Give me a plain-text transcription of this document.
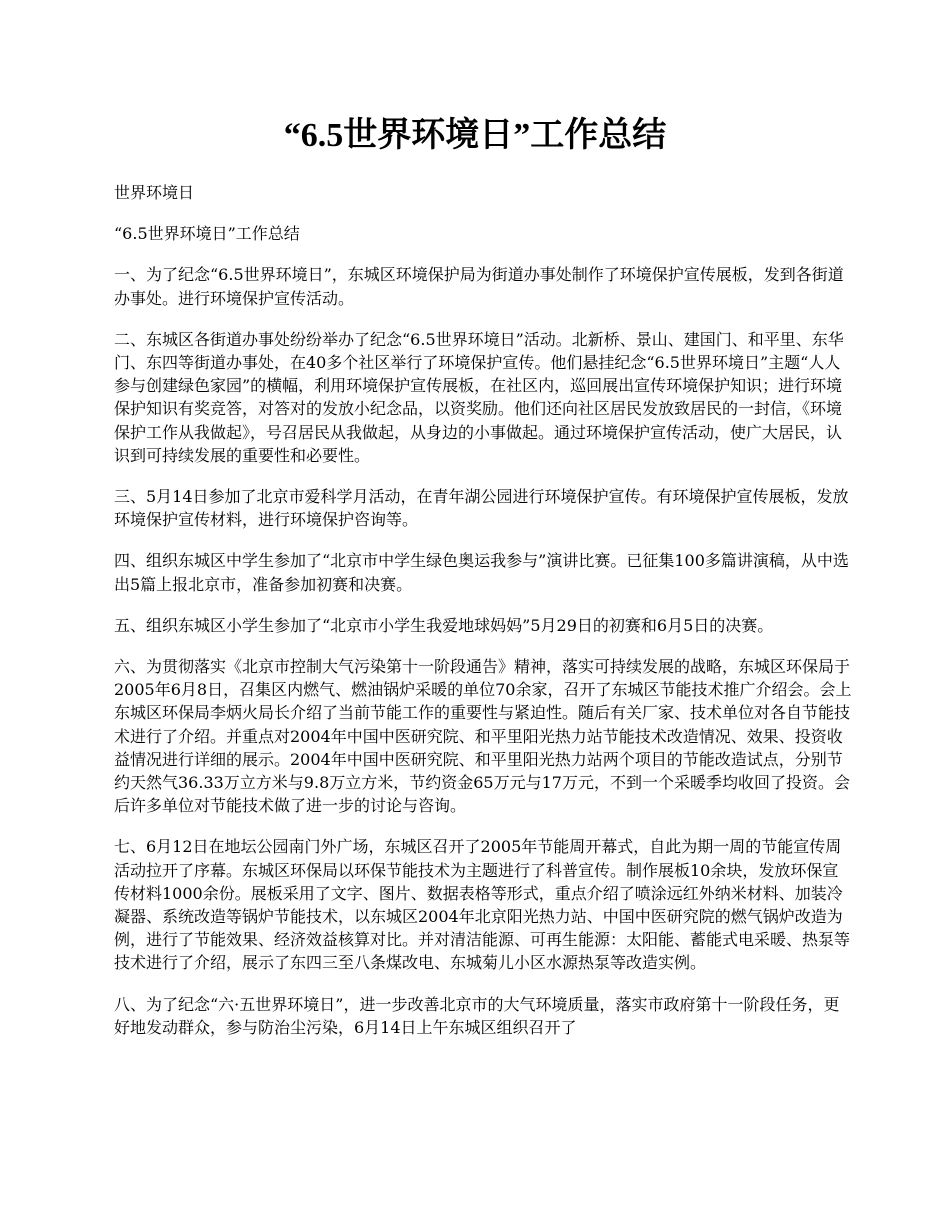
“6.5世界环境日”工作总结

世界环境日

“6.5世界环境日”工作总结

一、为了纪念“6.5世界环境日”，东城区环境保护局为街道办事处制作了环境保护宣传展板，发到各街道办事处。进行环境保护宣传活动。

二、东城区各街道办事处纷纷举办了纪念“6.5世界环境日”活动。北新桥、景山、建国门、和平里、东华门、东四等街道办事处，在40多个社区举行了环境保护宣传。他们悬挂纪念“6.5世界环境日”主题“人人参与创建绿色家园”的横幅，利用环境保护宣传展板，在社区内，巡回展出宣传环境保护知识；进行环境保护知识有奖竞答，对答对的发放小纪念品，以资奖励。他们还向社区居民发放致居民的一封信，《环境保护工作从我做起》，号召居民从我做起，从身边的小事做起。通过环境保护宣传活动，使广大居民，认识到可持续发展的重要性和必要性。

三、5月14日参加了北京市爱科学月活动，在青年湖公园进行环境保护宣传。有环境保护宣传展板，发放环境保护宣传材料，进行环境保护咨询等。

四、组织东城区中学生参加了“北京市中学生绿色奥运我参与”演讲比赛。已征集100多篇讲演稿，从中选出5篇上报北京市，准备参加初赛和决赛。

五、组织东城区小学生参加了“北京市小学生我爱地球妈妈”5月29日的初赛和6月5日的决赛。

六、为贯彻落实《北京市控制大气污染第十一阶段通告》精神，落实可持续发展的战略，东城区环保局于2005年6月8日，召集区内燃气、燃油锅炉采暖的单位70余家，召开了东城区节能技术推广介绍会。会上东城区环保局李炳火局长介绍了当前节能工作的重要性与紧迫性。随后有关厂家、技术单位对各自节能技术进行了介绍。并重点对2004年中国中医研究院、和平里阳光热力站节能技术改造情况、效果、投资收益情况进行详细的展示。2004年中国中医研究院、和平里阳光热力站两个项目的节能改造试点，分别节约天然气36.33万立方米与9.8万立方米，节约资金65万元与17万元，不到一个采暖季均收回了投资。会后许多单位对节能技术做了进一步的讨论与咨询。

七、6月12日在地坛公园南门外广场，东城区召开了2005年节能周开幕式，自此为期一周的节能宣传周活动拉开了序幕。东城区环保局以环保节能技术为主题进行了科普宣传。制作展板10余块，发放环保宣传材料1000余份。展板采用了文字、图片、数据表格等形式，重点介绍了喷涂远红外纳米材料、加装冷凝器、系统改造等锅炉节能技术，以东城区2004年北京阳光热力站、中国中医研究院的燃气锅炉改造为例，进行了节能效果、经济效益核算对比。并对清洁能源、可再生能源：太阳能、蓄能式电采暖、热泵等技术进行了介绍，展示了东四三至八条煤改电、东城菊儿小区水源热泵等改造实例。

八、为了纪念“六·五世界环境日”，进一步改善北京市的大气环境质量，落实市政府第十一阶段任务，更好地发动群众，参与防治尘污染，6月14日上午东城区组织召开了
